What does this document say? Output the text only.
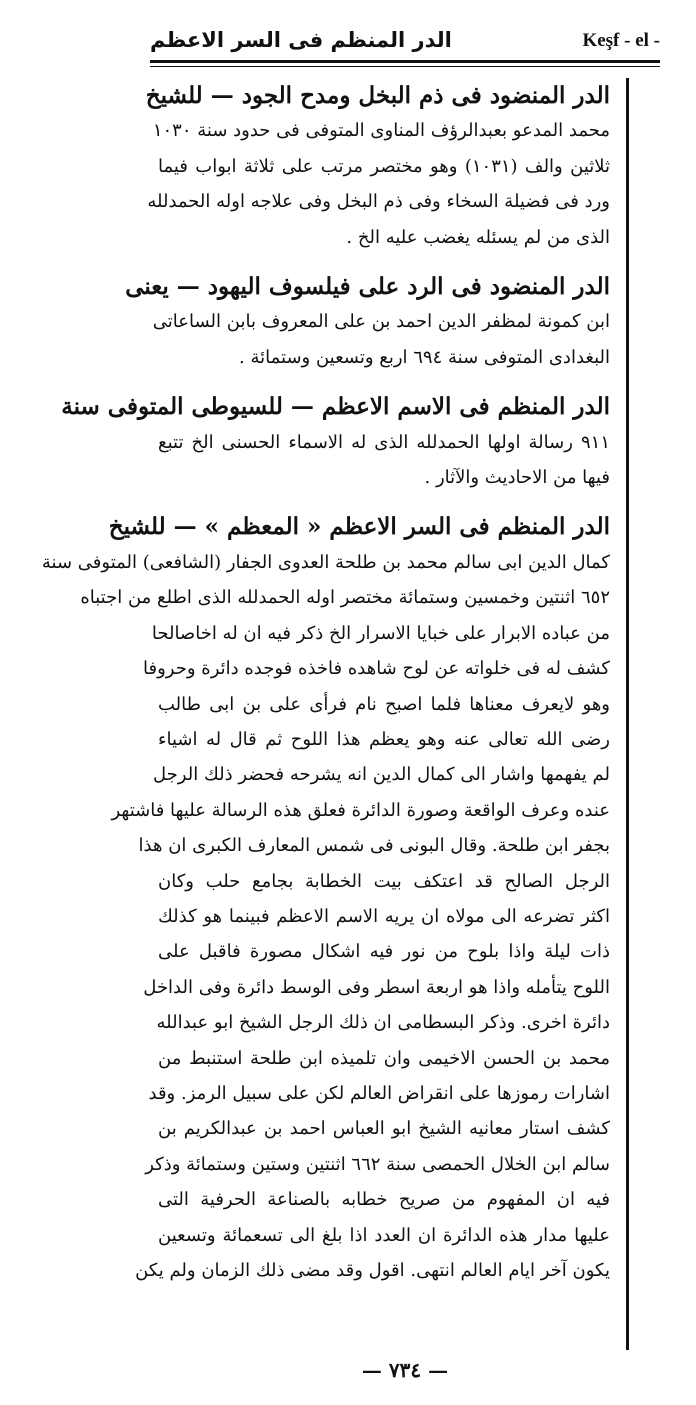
الدر المنظم فى السر الاعظم	Keşf - el -
الدر المنضود فى ذم البخل ومدح الجود — للشيخ
محمد المدعو بعبدالرؤف المناوى المتوفى فى حدود سنة ١٠٣٠
ثلاثين والف (١٠٣١) وهو مختصر مرتب على ثلاثة ابواب فيما
ورد فى فضيلة السخاء وفى ذم البخل وفى علاجه اوله الحمدلله
الذى من لم يسئله يغضب عليه الخ .
الدر المنضود فى الرد على فيلسوف اليهود — يعنى
ابن كمونة لمظفر الدين احمد بن على المعروف بابن الساعاتى
البغدادى المتوفى سنة ٦٩٤ اربع وتسعين وستمائة .
الدر المنظم فى الاسم الاعظم — للسيوطى المتوفى سنة
٩١١ رسالة اولها الحمدلله الذى له الاسماء الحسنى الخ تتبع
فيها من الاحاديث والآثار .
الدر المنظم فى السر الاعظم « المعظم » — للشيخ
كمال الدين ابى سالم محمد بن طلحة العدوى الجفار (الشافعى) المتوفى سنة
٦٥٢ اثنتين وخمسين وستمائة مختصر اوله الحمدلله الذى اطلع من اجتباه
من عباده الابرار على خبايا الاسرار الخ ذكر فيه ان له اخاصالحا
كشف له فى خلواته عن لوح شاهده فاخذه فوجده دائرة وحروفا
وهو لايعرف معناها فلما اصبح نام فرأى على بن ابى طالب
رضى الله تعالى عنه وهو يعظم هذا اللوح ثم قال له اشياء
لم يفهمها واشار الى كمال الدين انه يشرحه فحضر ذلك الرجل
عنده وعرف الواقعة وصورة الدائرة فعلق هذه الرسالة عليها فاشتهر
بجفر ابن طلحة. وقال البونى فى شمس المعارف الكبرى ان هذا
الرجل الصالح قد اعتكف بيت الخطابة بجامع حلب وكان
اكثر تضرعه الى مولاه ان يريه الاسم الاعظم فبينما هو كذلك
ذات ليلة واذا بلوح من نور فيه اشكال مصورة فاقبل على
اللوح يتأمله واذا هو اربعة اسطر وفى الوسط دائرة وفى الداخل
دائرة اخرى. وذكر البسطامى ان ذلك الرجل الشيخ ابو عبدالله
محمد بن الحسن الاخيمى وان تلميذه ابن طلحة استنبط من
اشارات رموزها على انقراض العالم لكن على سبيل الرمز. وقد
كشف استار معانيه الشيخ ابو العباس احمد بن عبدالكريم بن
سالم ابن الخلال الحمصى سنة ٦٦٢ اثنتين وستين وستمائة وذكر
فيه ان المفهوم من صريح خطابه بالصناعة الحرفية التى
عليها مدار هذه الدائرة ان العدد اذا بلغ الى تسعمائة وتسعين
يكون آخر ايام العالم انتهى. اقول وقد مضى ذلك الزمان ولم يكن
— ٧٣٤ —
